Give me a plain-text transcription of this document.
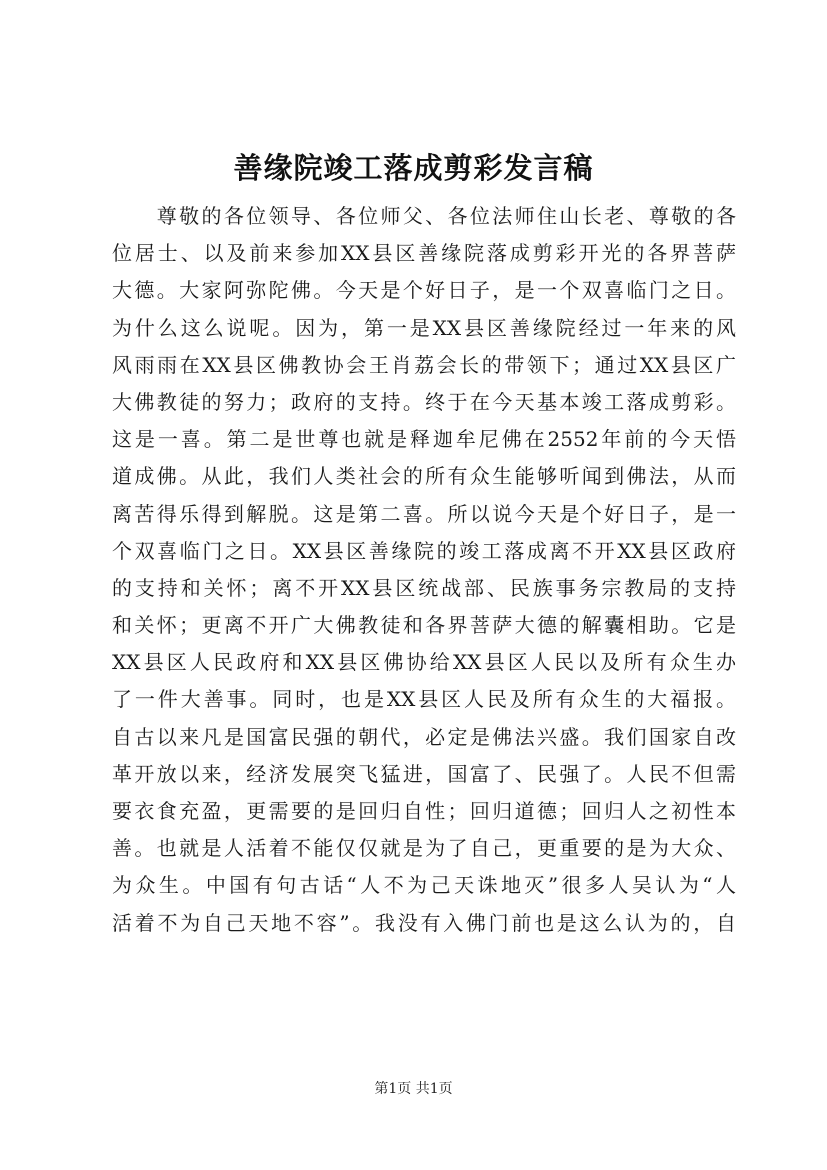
善缘院竣工落成剪彩发言稿
　　尊敬的各位领导、各位师父、各位法师住山长老、尊敬的各
位居士、以及前来参加XX县区善缘院落成剪彩开光的各界菩萨
大德。大家阿弥陀佛。今天是个好日子，是一个双喜临门之日。
为什么这么说呢。因为，第一是XX县区善缘院经过一年来的风
风雨雨在XX县区佛教协会王肖荔会长的带领下；通过XX县区广
大佛教徒的努力；政府的支持。终于在今天基本竣工落成剪彩。
这是一喜。第二是世尊也就是释迦牟尼佛在2552年前的今天悟
道成佛。从此，我们人类社会的所有众生能够听闻到佛法，从而
离苦得乐得到解脱。这是第二喜。所以说今天是个好日子，是一
个双喜临门之日。XX县区善缘院的竣工落成离不开XX县区政府
的支持和关怀；离不开XX县区统战部、民族事务宗教局的支持
和关怀；更离不开广大佛教徒和各界菩萨大德的解囊相助。它是
XX县区人民政府和XX县区佛协给XX县区人民以及所有众生办
了一件大善事。同时，也是XX县区人民及所有众生的大福报。
自古以来凡是国富民强的朝代，必定是佛法兴盛。我们国家自改
革开放以来，经济发展突飞猛进，国富了、民强了。人民不但需
要衣食充盈，更需要的是回归自性；回归道德；回归人之初性本
善。也就是人活着不能仅仅就是为了自己，更重要的是为大众、
为众生。中国有句古话“人不为己天诛地灭”很多人吴认为“人
活着不为自己天地不容”。我没有入佛门前也是这么认为的，自
第1页 共1页
